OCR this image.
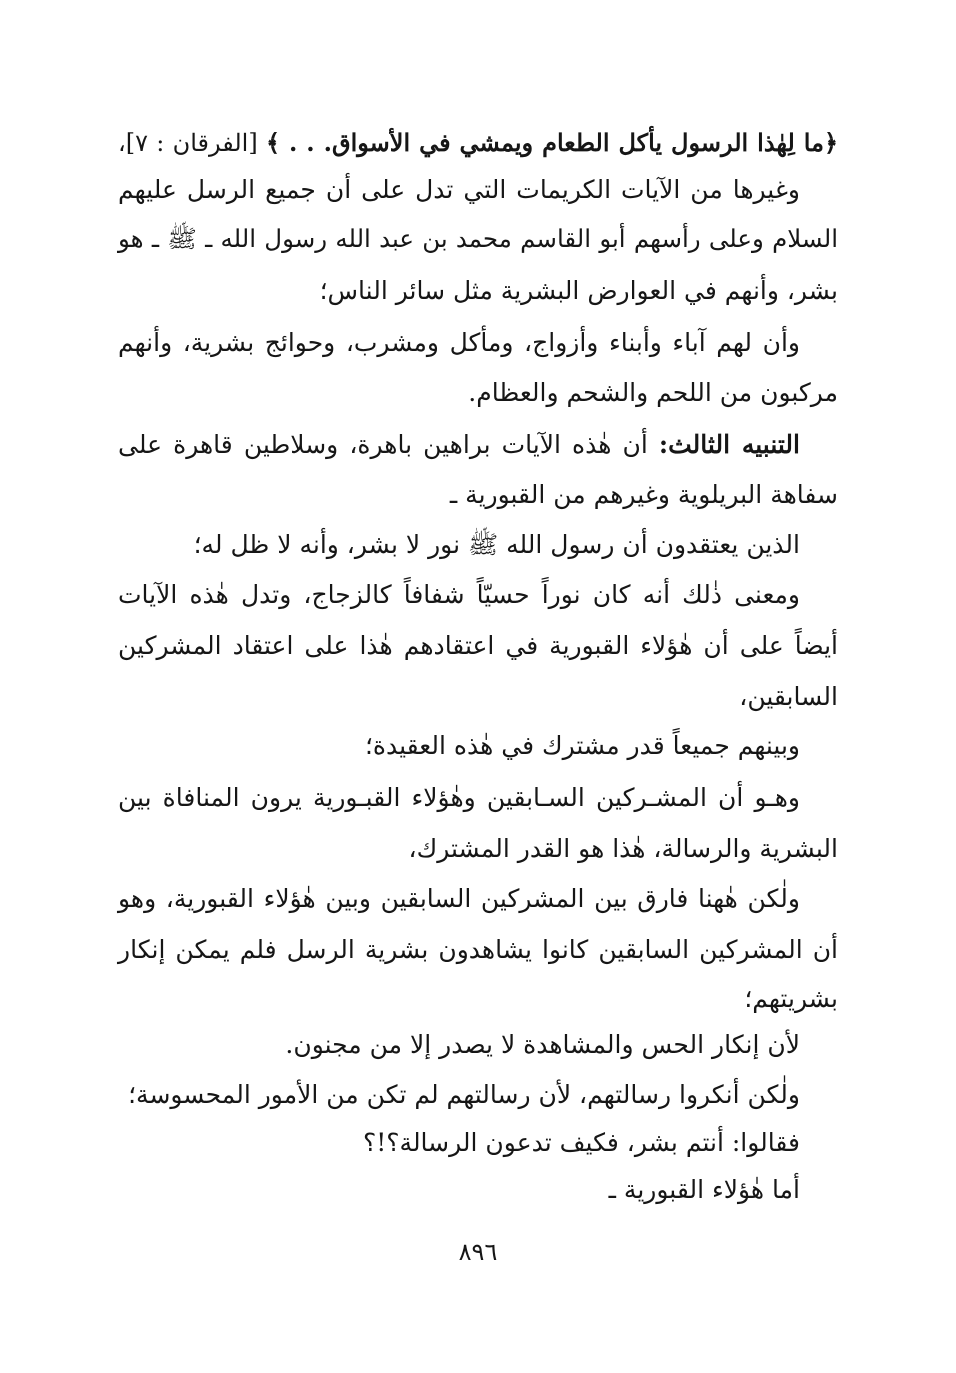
﴿ما لِهٰذا الرسول يأكل الطعام ويمشي في الأسواق. . . ﴾ [الفرقان : ٧]،
وغيرها من الآيات الكريمات التي تدل على أن جميع الرسل عليهم
السلام وعلى رأسهم أبو القاسم محمد بن عبد الله رسول الله ـ ﷺ ـ هو
بشر، وأنهم في العوارض البشرية مثل سائر الناس؛
وأن لهم آباء وأبناء وأزواج، ومأكل ومشرب، وحوائج بشرية، وأنهم
مركبون من اللحم والشحم والعظام.
التنبيه الثالث: أن هٰذه الآيات براهين باهرة، وسلاطين قاهرة على
سفاهة البريلوية وغيرهم من القبورية ـ
الذين يعتقدون أن رسول الله ﷺ نور لا بشر، وأنه لا ظل له؛
ومعنى ذٰلك أنه كان نوراً حسيّاً شفافاً كالزجاج، وتدل هٰذه الآيات
أيضاً على أن هٰؤلاء القبورية في اعتقادهم هٰذا على اعتقاد المشركين
السابقين،
وبينهم جميعاً قدر مشترك في هٰذه العقيدة؛
وهـو أن المشـركين السـابقين وهٰؤلاء القبـورية يرون المنافاة بين
البشرية والرسالة، هٰذا هو القدر المشترك،
ولٰكن هٰهنا فارق بين المشركين السابقين وبين هٰؤلاء القبورية، وهو
أن المشركين السابقين كانوا يشاهدون بشرية الرسل فلم يمكن إنكار
بشريتهم؛
لأن إنكار الحس والمشاهدة لا يصدر إلا من مجنون.
ولٰكن أنكروا رسالتهم، لأن رسالتهم لم تكن من الأمور المحسوسة؛
فقالوا: أنتم بشر، فكيف تدعون الرسالة؟!؟
أما هٰؤلاء القبورية ـ
٨٩٦
